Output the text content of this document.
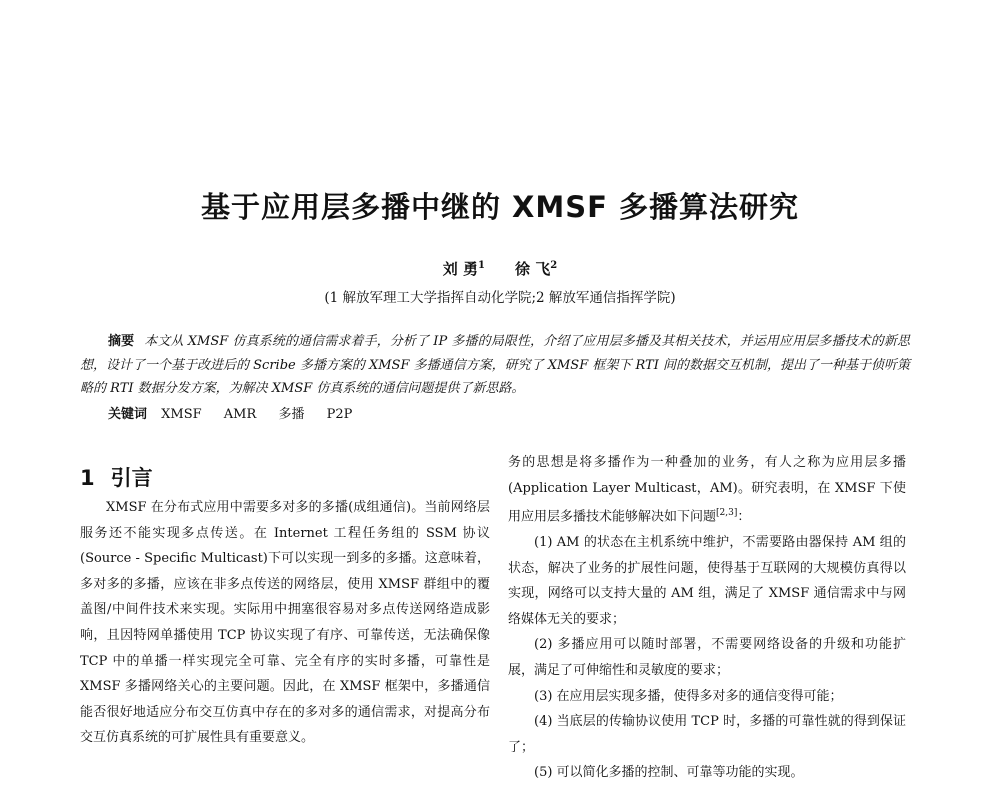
基于应用层多播中继的 XMSF 多播算法研究
刘 勇$^1$ 徐 飞$^2$
(1 解放军理工大学指挥自动化学院;2 解放军通信指挥学院)
摘要 本文从 XMSF 仿真系统的通信需求着手，分析了 IP 多播的局限性，介绍了应用层多播及其相关技术，并运用应用层多播技术的新思想，设计了一个基于改进后的 Scribe 多播方案的 XMSF 多播通信方案，研究了 XMSF 框架下 RTI 间的数据交互机制，提出了一种基于侦听策略的 RTI 数据分发方案，为解决 XMSF 仿真系统的通信问题提供了新思路。
关键词 XMSF AMR 多播 P2P
1 引言

XMSF 在分布式应用中需要多对多的多播(成组通信)。当前网络层服务还不能实现多点传送。在 Internet 工程任务组的 SSM 协议(Source - Specific Multicast)下可以实现一到多的多播。这意味着，多对多的多播，应该在非多点传送的网络层，使用 XMSF 群组中的覆盖图/中间件技术来实现。实际用中拥塞很容易对多点传送网络造成影响，且因特网单播使用 TCP 协议实现了有序、可靠传送，无法确保像 TCP 中的单播一样实现完全可靠、完全有序的实时多播，可靠性是 XMSF 多播网络关心的主要问题。因此，在 XMSF 框架中，多播通信能否很好地适应分布交互仿真中存在的多对多的通信需求，对提高分布交互仿真系统的可扩展性具有重要意义。

务的思想是将多播作为一种叠加的业务，有人之称为应用层多播(Application Layer Multicast，AM)。研究表明，在 XMSF 下使用应用层多播技术能够解决如下问题[2,3]：

(1) AM 的状态在主机系统中维护，不需要路由器保持 AM 组的状态，解决了业务的扩展性问题，使得基于互联网的大规模仿真得以实现，网络可以支持大量的 AM 组，满足了 XMSF 通信需求中与网络媒体无关的要求；

(2) 多播应用可以随时部署，不需要网络设备的升级和功能扩展，满足了可伸缩性和灵敏度的要求；

(3) 在应用层实现多播，使得多对多的通信变得可能；

(4) 当底层的传输协议使用 TCP 时，多播的可靠性就的得到保证了；

(5) 可以简化多播的控制、可靠等功能的实现。
